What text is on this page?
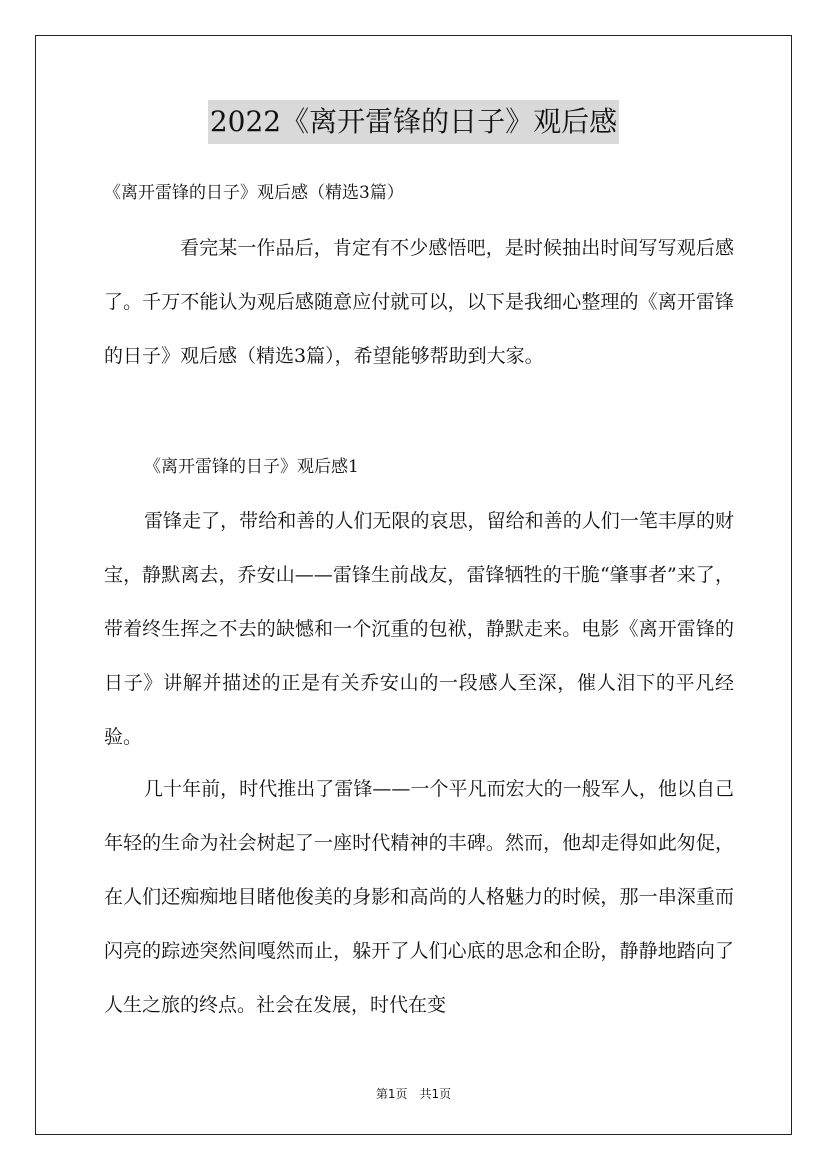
2022《离开雷锋的日子》观后感
《离开雷锋的日子》观后感（精选3篇）
看完某一作品后，肯定有不少感悟吧，是时候抽出时间写写观后感了。千万不能认为观后感随意应付就可以，以下是我细心整理的《离开雷锋的日子》观后感（精选3篇），希望能够帮助到大家。
《离开雷锋的日子》观后感1
雷锋走了，带给和善的人们无限的哀思，留给和善的人们一笔丰厚的财宝，静默离去，乔安山——雷锋生前战友，雷锋牺牲的干脆“肇事者”来了，带着终生挥之不去的缺憾和一个沉重的包袱，静默走来。电影《离开雷锋的日子》讲解并描述的正是有关乔安山的一段感人至深，催人泪下的平凡经验。
几十年前，时代推出了雷锋——一个平凡而宏大的一般军人，他以自己年轻的生命为社会树起了一座时代精神的丰碑。然而，他却走得如此匆促，在人们还痴痴地目睹他俊美的身影和高尚的人格魅力的时候，那一串深重而闪亮的踪迹突然间嘎然而止，躲开了人们心底的思念和企盼，静静地踏向了人生之旅的终点。社会在发展，时代在变
第1页　共1页
